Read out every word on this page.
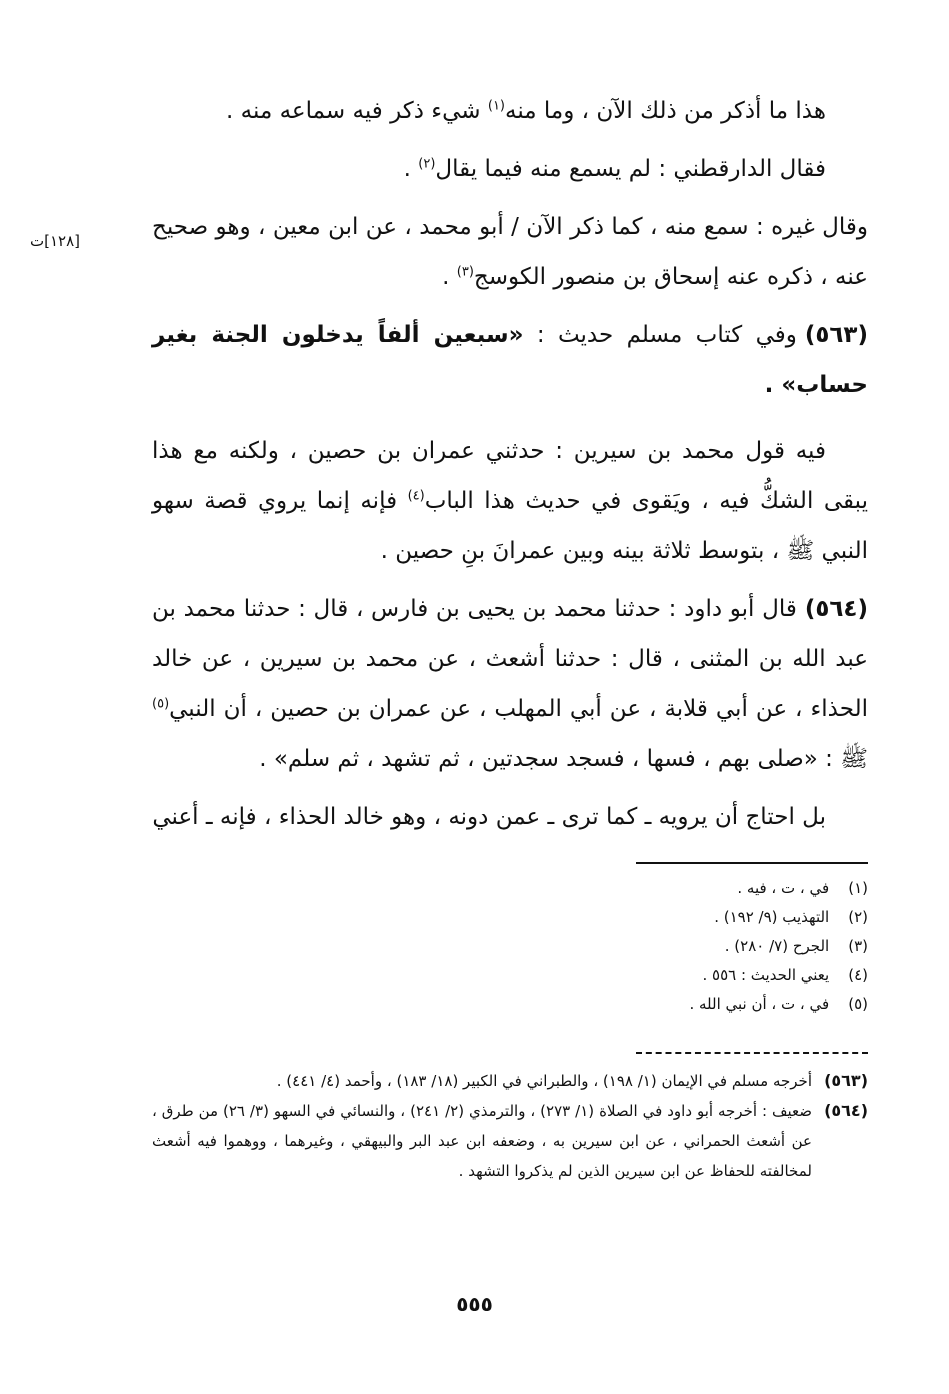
[١٢٨]ت

هذا ما أذكر من ذلك الآن ، وما منه$^{(١)}$ شيء ذكر فيه سماعه منه .

فقال الدارقطني : لم يسمع منه فيما يقال$^{(٢)}$ .

وقال غيره : سمع منه ، كما ذكر الآن / أبو محمد ، عن ابن معين ، وهو صحيح عنه ، ذكره عنه إسحاق بن منصور الكوسج$^{(٣)}$ .

(٥٦٣)وفي كتاب مسلم حديث : «سبعين ألفاً يدخلون الجنة بغير حساب» .

فيه قول محمد بن سيرين : حدثني عمران بن حصين ، ولكنه مع هذا يبقى الشكُّ فيه ، ويَقوى في حديث هذا الباب$^{(٤)}$ فإنه إنما يروي قصة سهو النبي ﷺ ، بتوسط ثلاثة بينه وبين عمرانَ بنِ حصين .

(٥٦٤)قال أبو داود : حدثنا محمد بن يحيى بن فارس ، قال : حدثنا محمد بن عبد الله بن المثنى ، قال : حدثنا أشعث ، عن محمد بن سيرين ، عن خالد الحذاء ، عن أبي قلابة ، عن أبي المهلب ، عن عمران بن حصين ، أن النبي$^{(٥)}$ ﷺ : «صلى بهم ، فسها ، فسجد سجدتين ، ثم تشهد ، ثم سلم» .

بل احتاج أن يرويه ـ كما ترى ـ عمن دونه ، وهو خالد الحذاء ، فإنه ـ أعني

(١) في ، ت ، فيه .
(٢) التهذيب (٩/ ١٩٢) .
(٣) الجرح (٧/ ٢٨٠) .
(٤) يعني الحديث : ٥٥٦ .
(٥) في ، ت ، أن نبي الله .

(٥٦٣)
أخرجه مسلم في الإيمان (١/ ١٩٨) ، والطبراني في الكبير (١٨/ ١٨٣) ، وأحمد (٤/ ٤٤١) .

(٥٦٤)
ضعيف : أخرجه أبو داود في الصلاة (١/ ٢٧٣) ، والترمذي (٢/ ٢٤١) ، والنسائي في السهو (٣/ ٢٦) من طرق ، عن أشعث الحمراني ، عن ابن سيرين به ، وضعفه ابن عبد البر والبيهقي ، وغيرهما ، ووهموا فيه أشعث لمخالفته للحفاظ عن ابن سيرين الذين لم يذكروا التشهد .

٥٥٥
